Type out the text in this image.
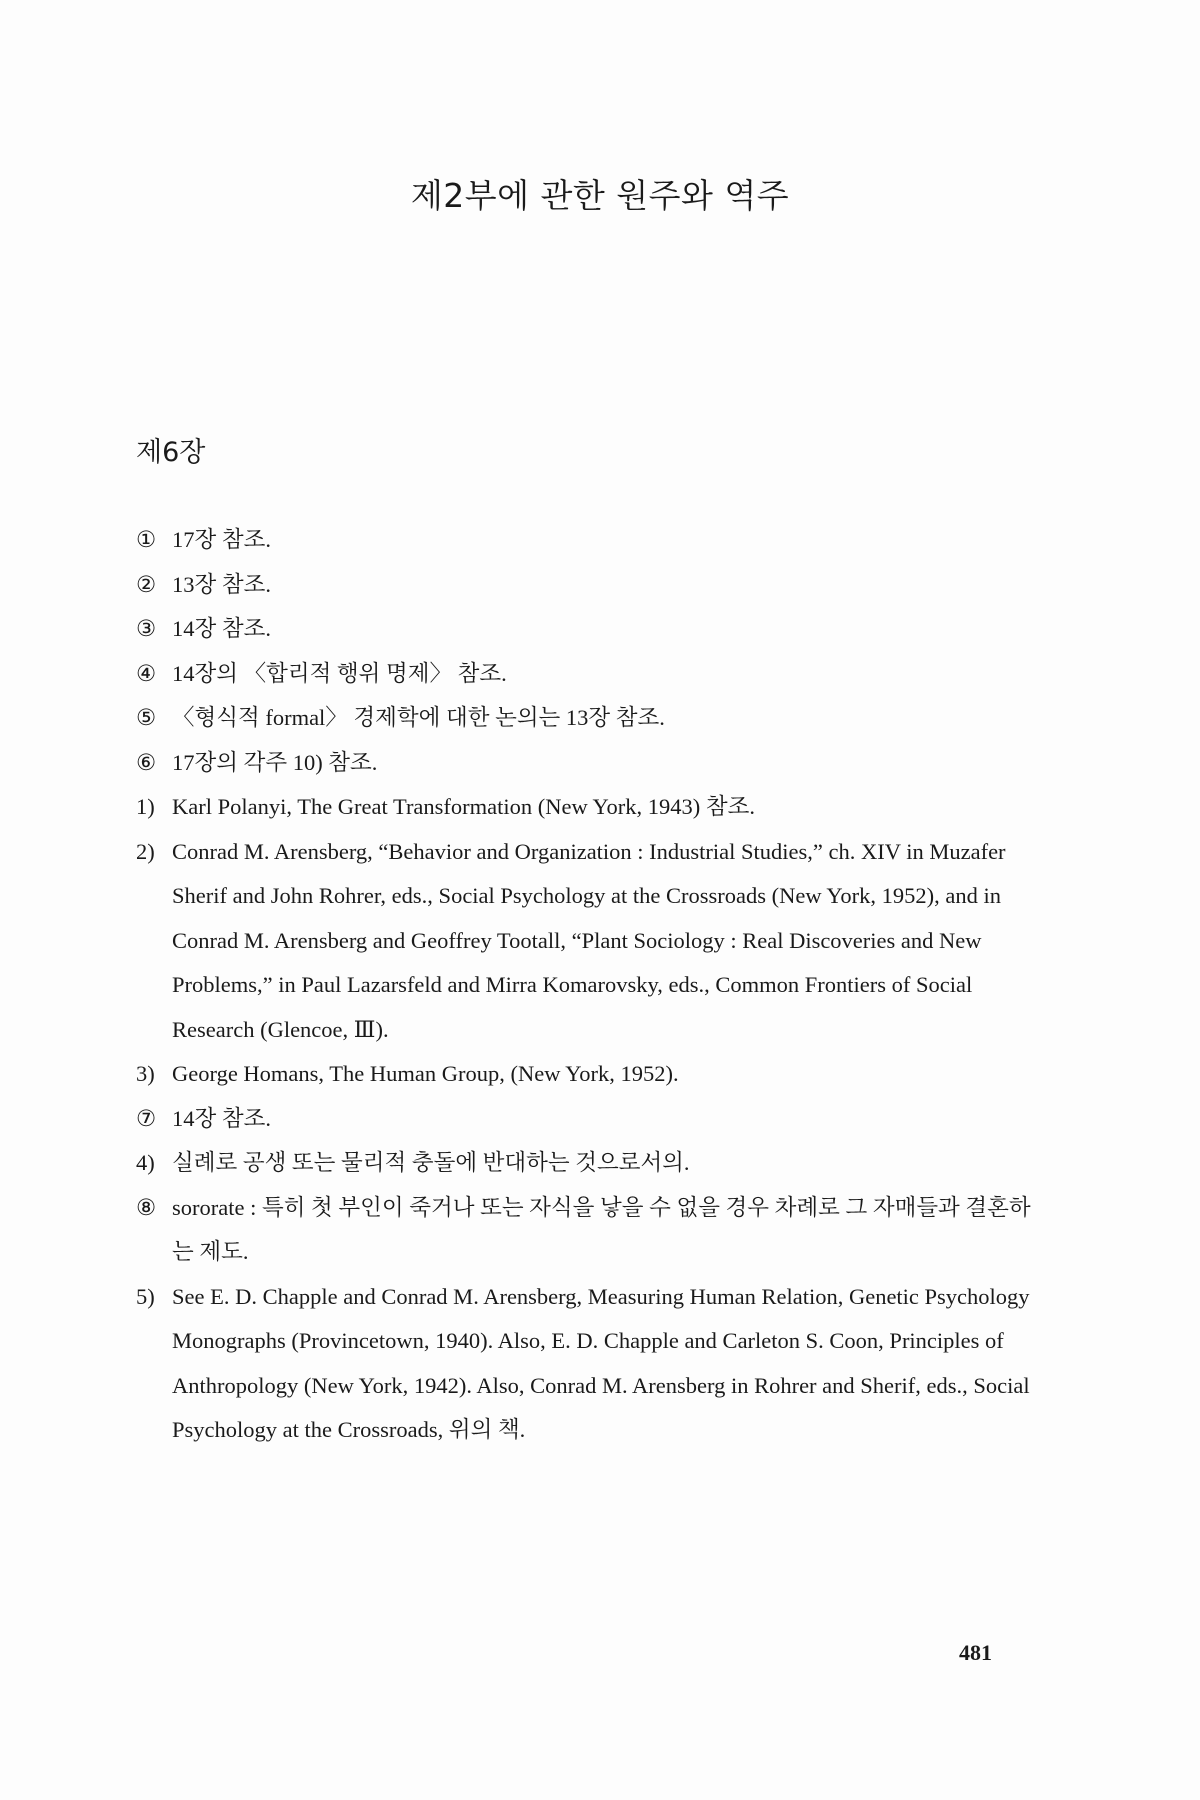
제2부에 관한 원주와 역주
제6장
① 17장 참조.
② 13장 참조.
③ 14장 참조.
④ 14장의 〈합리적 행위 명제〉 참조.
⑤ 〈형식적 formal〉 경제학에 대한 논의는 13장 참조.
⑥ 17장의 각주 10) 참조.
1) Karl Polanyi, The Great Transformation (New York, 1943) 참조.
2) Conrad M. Arensberg, “Behavior and Organization : Industrial Studies,” ch. XIV in Muzafer Sherif and John Rohrer, eds., Social Psychology at the Crossroads (New York, 1952), and in Conrad M. Arensberg and Geoffrey Tootall, “Plant Sociology : Real Discoveries and New Problems,” in Paul Lazarsfeld and Mirra Komarovsky, eds., Common Frontiers of Social Research (Glencoe, Ⅲ).
3) George Homans, The Human Group, (New York, 1952).
⑦ 14장 참조.
4) 실례로 공생 또는 물리적 충돌에 반대하는 것으로서의.
⑧ sororate : 특히 첫 부인이 죽거나 또는 자식을 낳을 수 없을 경우 차례로 그 자매들과 결혼하는 제도.
5) See E. D. Chapple and Conrad M. Arensberg, Measuring Human Relation, Genetic Psychology Monographs (Provincetown, 1940). Also, E. D. Chapple and Carleton S. Coon, Principles of Anthropology (New York, 1942). Also, Conrad M. Arensberg in Rohrer and Sherif, eds., Social Psychology at the Crossroads, 위의 책.
481
